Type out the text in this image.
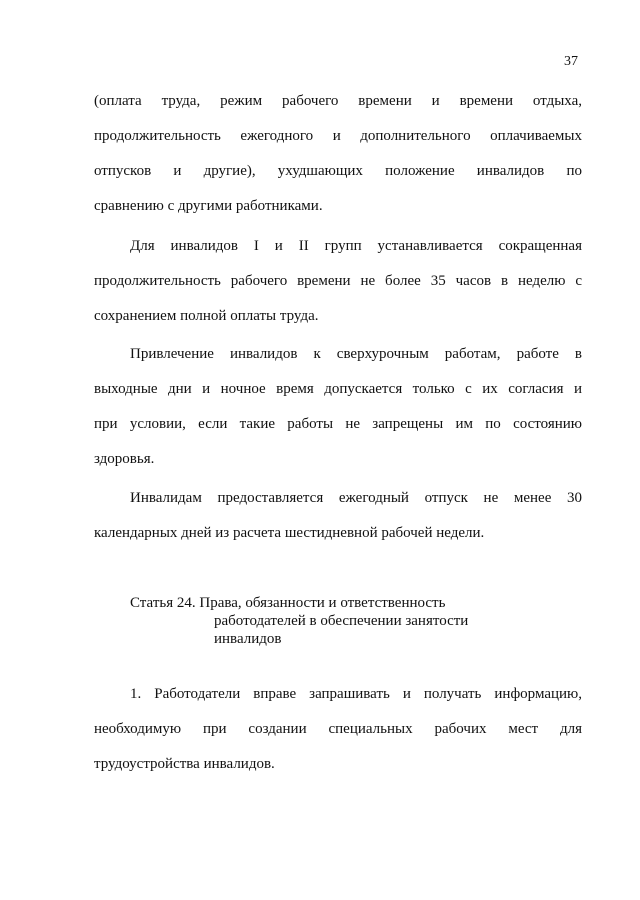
37
(оплата труда, режим рабочего времени и времени отдыха,
продолжительность ежегодного и дополнительного оплачиваемых
отпусков и другие), ухудшающих положение инвалидов по
сравнению с другими работниками.
Для инвалидов I и II групп устанавливается сокращенная
продолжительность рабочего времени не более 35 часов в неделю с
сохранением полной оплаты труда.
Привлечение инвалидов к сверхурочным работам, работе в
выходные дни и ночное время допускается только с их согласия и
при условии, если такие работы не запрещены им по состоянию
здоровья.
Инвалидам предоставляется ежегодный отпуск не менее 30
календарных дней из расчета шестидневной рабочей недели.
Статья 24. Права, обязанности и ответственность
работодателей в обеспечении занятости
инвалидов
1. Работодатели вправе запрашивать и получать информацию,
необходимую при создании специальных рабочих мест для
трудоустройства инвалидов.
